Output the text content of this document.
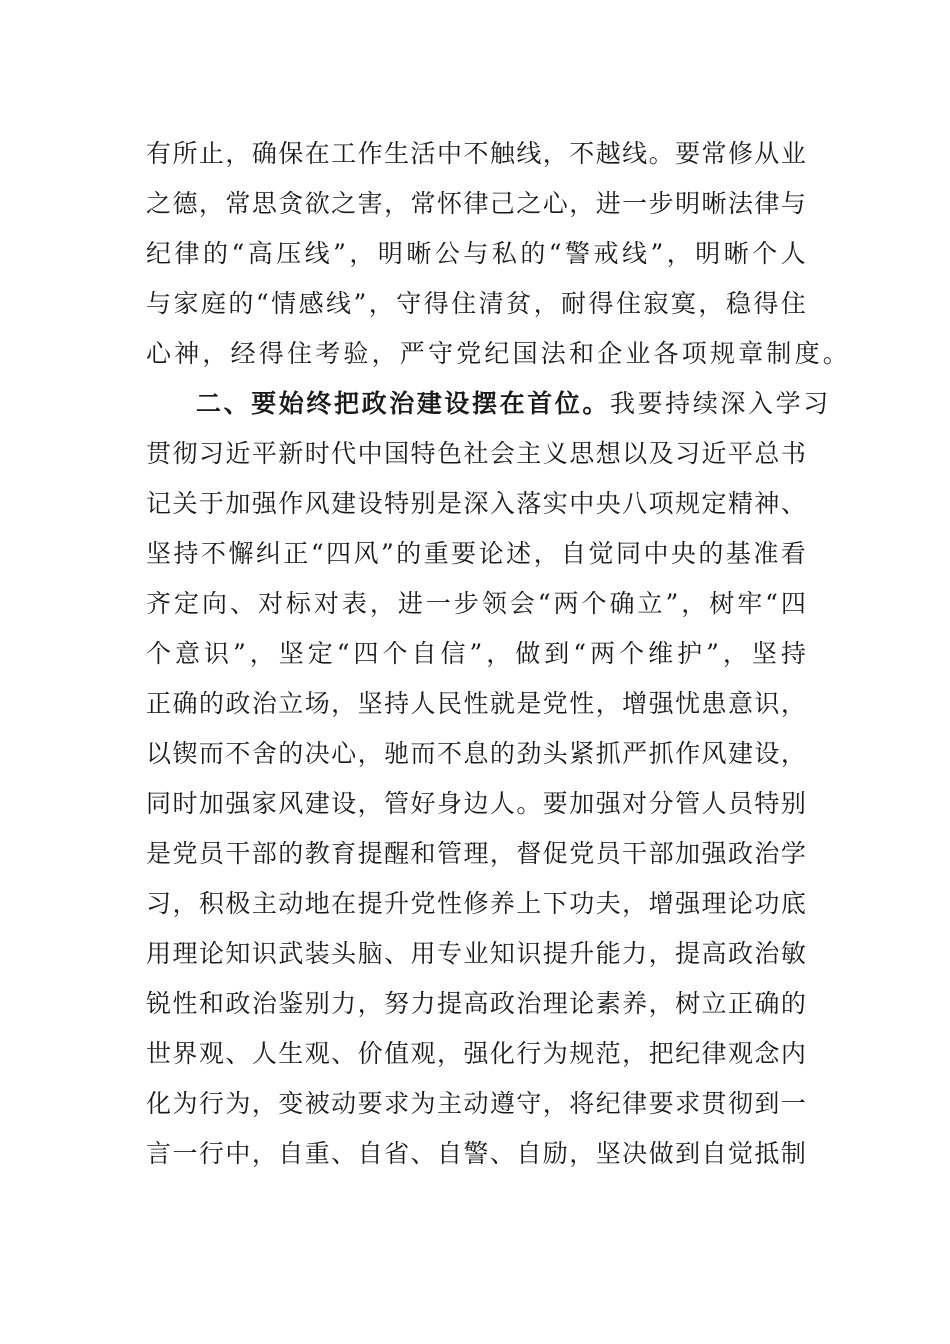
有 所 止 ， 确 保 在 工 作 生 活 中 不 触 线 ， 不 越 线 。 要 常 修 从 业
之 德 ， 常 思 贪 欲 之 害 ， 常 怀 律 己 之 心 ， 进 一 步 明 晰 法 律 与
纪 律 的 “ 高 压 线 ” ， 明 晰 公 与 私 的 “ 警 戒 线 ” ， 明 晰 个 人
与 家 庭 的 “ 情 感 线 ” ， 守 得 住 清 贫 ， 耐 得 住 寂 寞 ， 稳 得 住
心神，经得住考验，严守党纪国法和企业各项规章制度。
二、要始终把政治建设摆在首位。 我要持续深入学习
贯 彻 习 近 平 新 时 代 中 国 特 色 社 会 主 义 思 想 以 及 习 近 平 总 书
记 关 于 加 强 作 风 建 设 特 别 是 深 入 落 实 中 央 八 项 规 定 精 神 、
坚 持 不 懈 纠 正 “ 四 风 ” 的 重 要 论 述 ， 自 觉 同 中 央 的 基 准 看
齐 定 向 、 对 标 对 表 ， 进 一 步 领 会 “ 两 个 确 立 ” ， 树 牢 “ 四
个 意 识 ” ， 坚 定 “ 四 个 自 信 ” ， 做 到 “ 两 个 维 护 ” ， 坚 持
正 确 的 政 治 立 场 ， 坚 持 人 民 性 就 是 党 性 ， 增 强 忧 患 意 识 ，
以 锲 而 不 舍 的 决 心 ， 驰 而 不 息 的 劲 头 紧 抓 严 抓 作 风 建 设 ，
同 时 加 强 家 风 建 设 ， 管 好 身 边 人 。 要 加 强 对 分 管 人 员 特 别
是 党 员 干 部 的 教 育 提 醒 和 管 理 ， 督 促 党 员 干 部 加 强 政 治 学
习 ， 积 极 主 动 地 在 提 升 党 性 修 养 上 下 功 夫 ， 增 强 理 论 功 底
用 理 论 知 识 武 装 头 脑 、 用 专 业 知 识 提 升 能 力 ， 提 高 政 治 敏
锐 性 和 政 治 鉴 别 力 ， 努 力 提 高 政 治 理 论 素 养 ， 树 立 正 确 的
世 界 观 、 人 生 观 、 价 值 观 ， 强 化 行 为 规 范 ， 把 纪 律 观 念 内
化 为 行 为 ， 变 被 动 要 求 为 主 动 遵 守 ， 将 纪 律 要 求 贯 彻 到 一
言 一 行 中 ， 自 重 、 自 省 、 自 警 、 自 励 ， 坚 决 做 到 自 觉 抵 制
